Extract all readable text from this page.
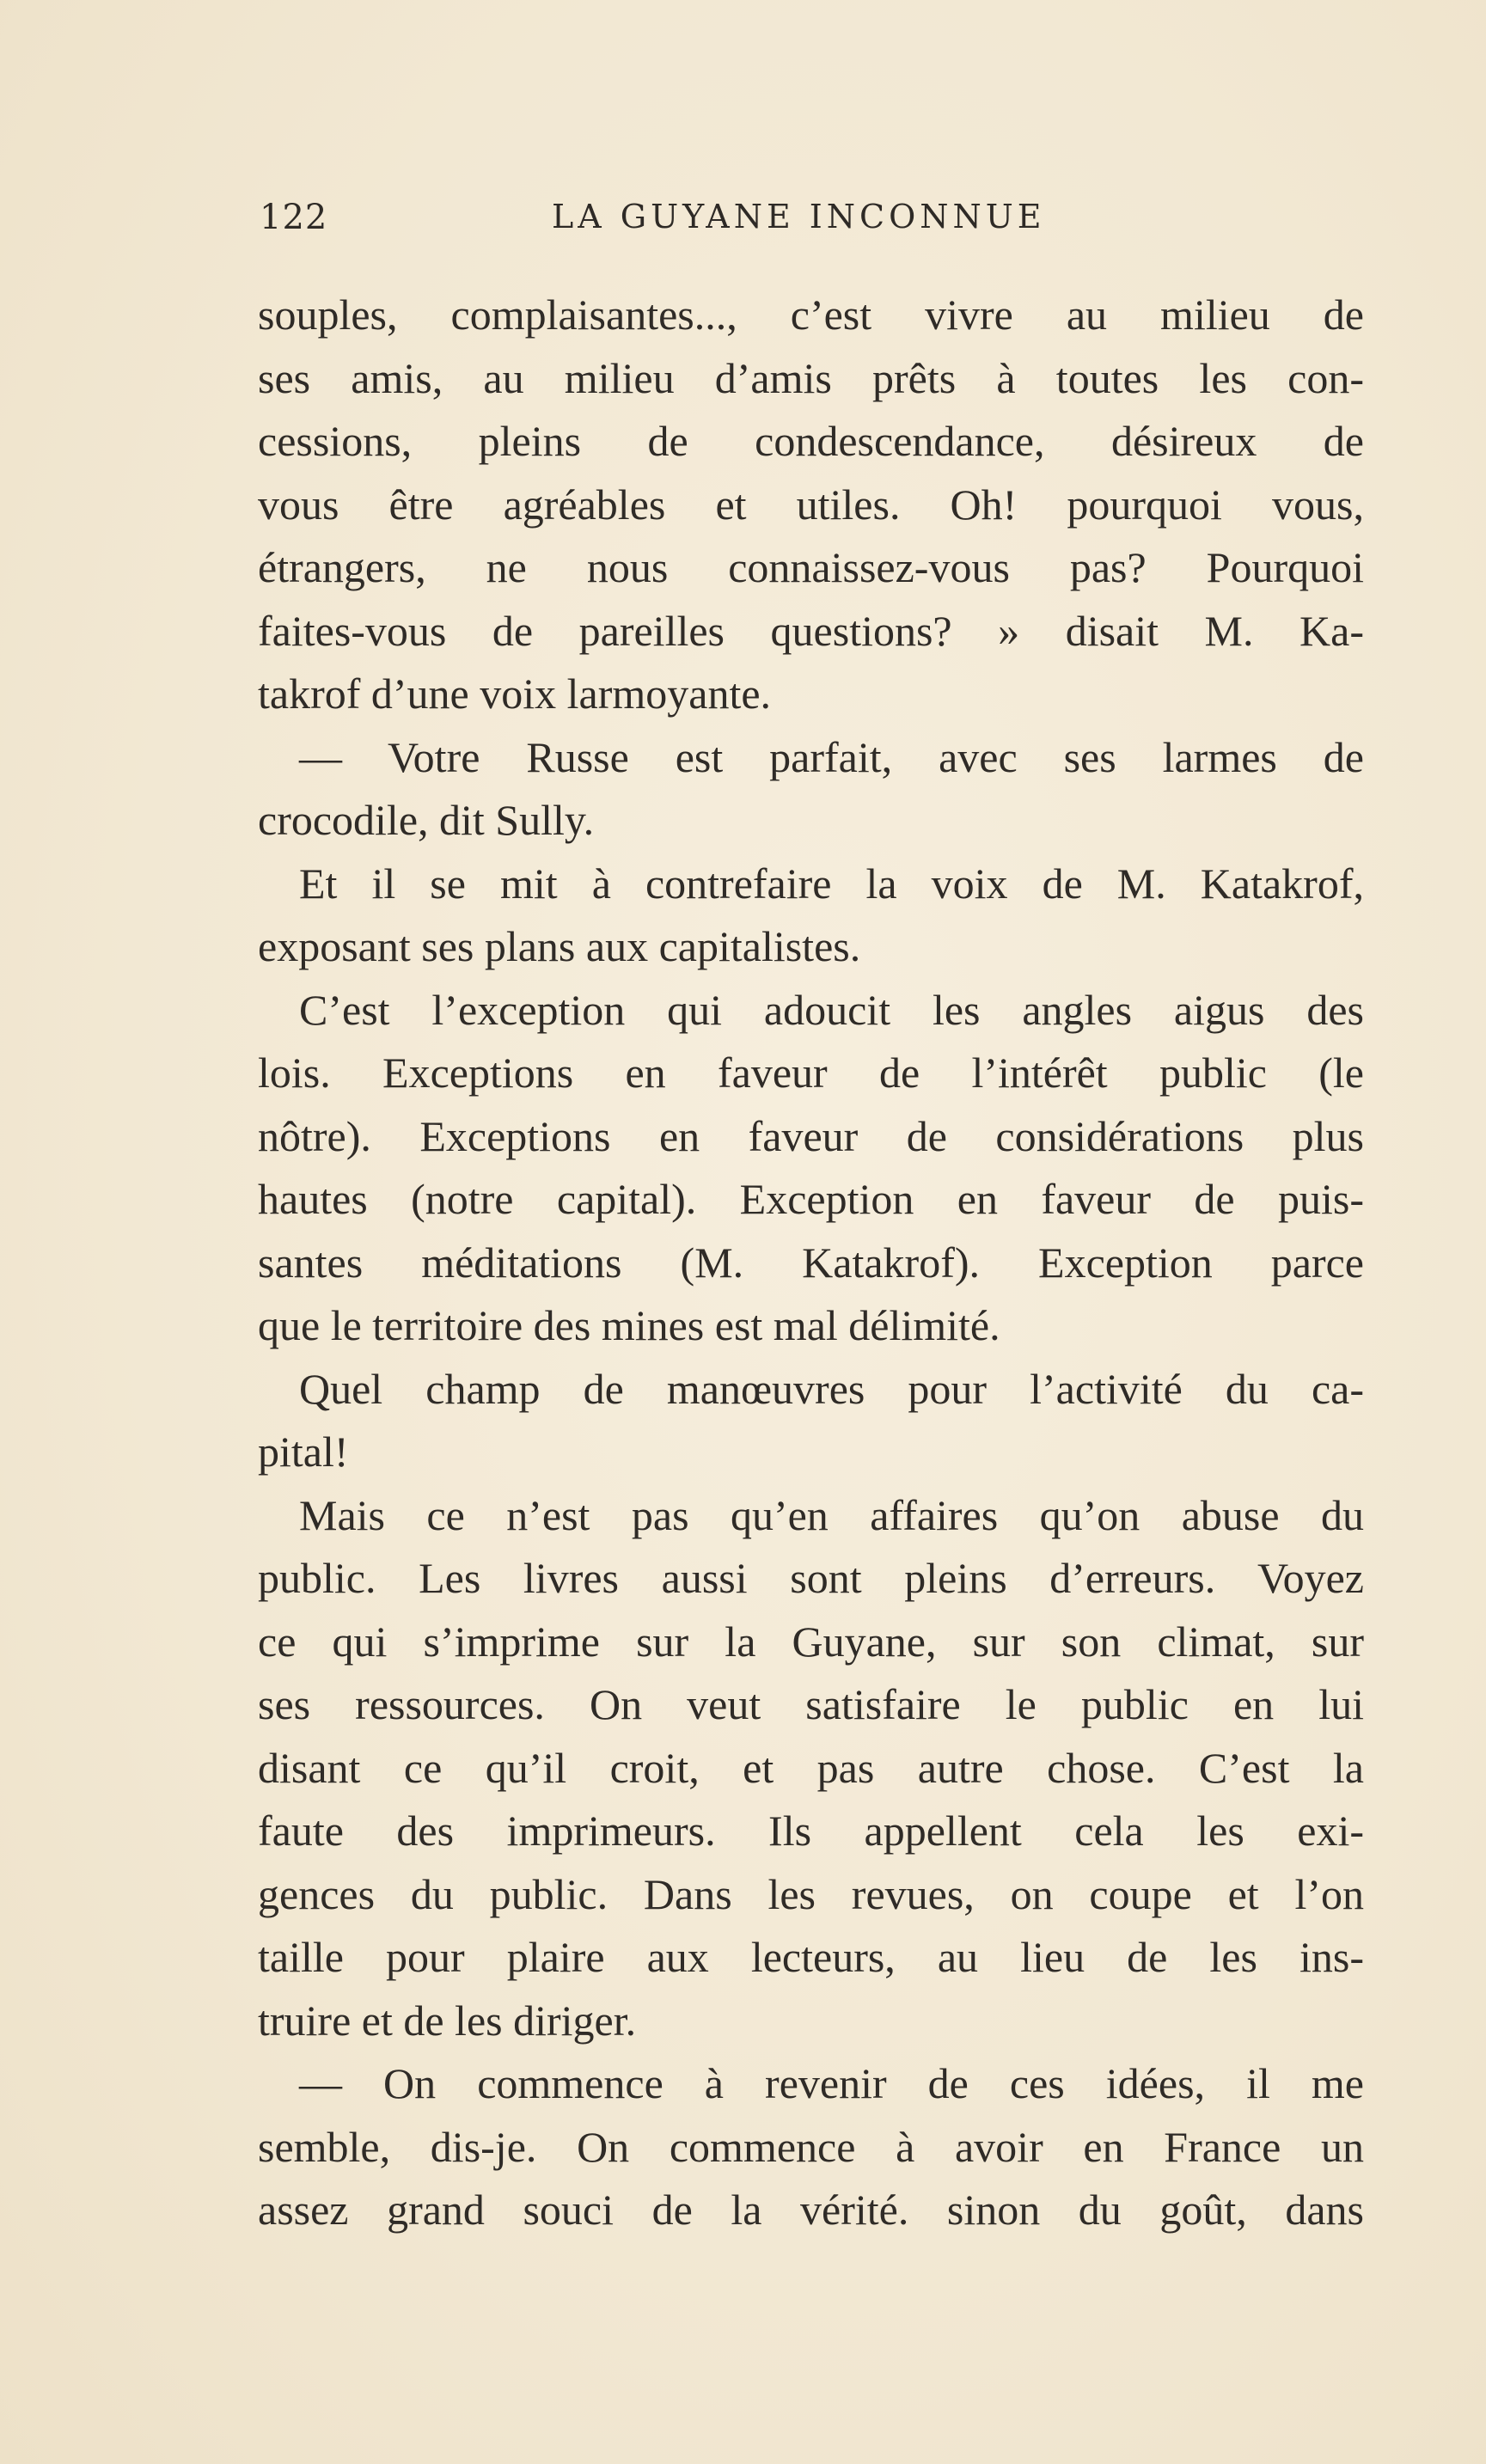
122	LA GUYANE INCONNUE
souples, complaisantes..., c’est vivre au milieu de
ses amis, au milieu d’amis prêts à toutes les con-
cessions, pleins de condescendance, désireux de
vous être agréables et utiles. Oh! pourquoi vous,
étrangers, ne nous connaissez-vous pas? Pourquoi
faites-vous de pareilles questions? » disait M. Ka-
takrof d’une voix larmoyante.
— Votre Russe est parfait, avec ses larmes de
crocodile, dit Sully.
Et il se mit à contrefaire la voix de M. Katakrof,
exposant ses plans aux capitalistes.
C’est l’exception qui adoucit les angles aigus des
lois. Exceptions en faveur de l’intérêt public (le
nôtre). Exceptions en faveur de considérations plus
hautes (notre capital). Exception en faveur de puis-
santes méditations (M. Katakrof). Exception parce
que le territoire des mines est mal délimité.
Quel champ de manœuvres pour l’activité du ca-
pital!
Mais ce n’est pas qu’en affaires qu’on abuse du
public. Les livres aussi sont pleins d’erreurs. Voyez
ce qui s’imprime sur la Guyane, sur son climat, sur
ses ressources. On veut satisfaire le public en lui
disant ce qu’il croit, et pas autre chose. C’est la
faute des imprimeurs. Ils appellent cela les exi-
gences du public. Dans les revues, on coupe et l’on
taille pour plaire aux lecteurs, au lieu de les ins-
truire et de les diriger.
— On commence à revenir de ces idées, il me
semble, dis-je. On commence à avoir en France un
assez grand souci de la vérité. sinon du goût, dans
